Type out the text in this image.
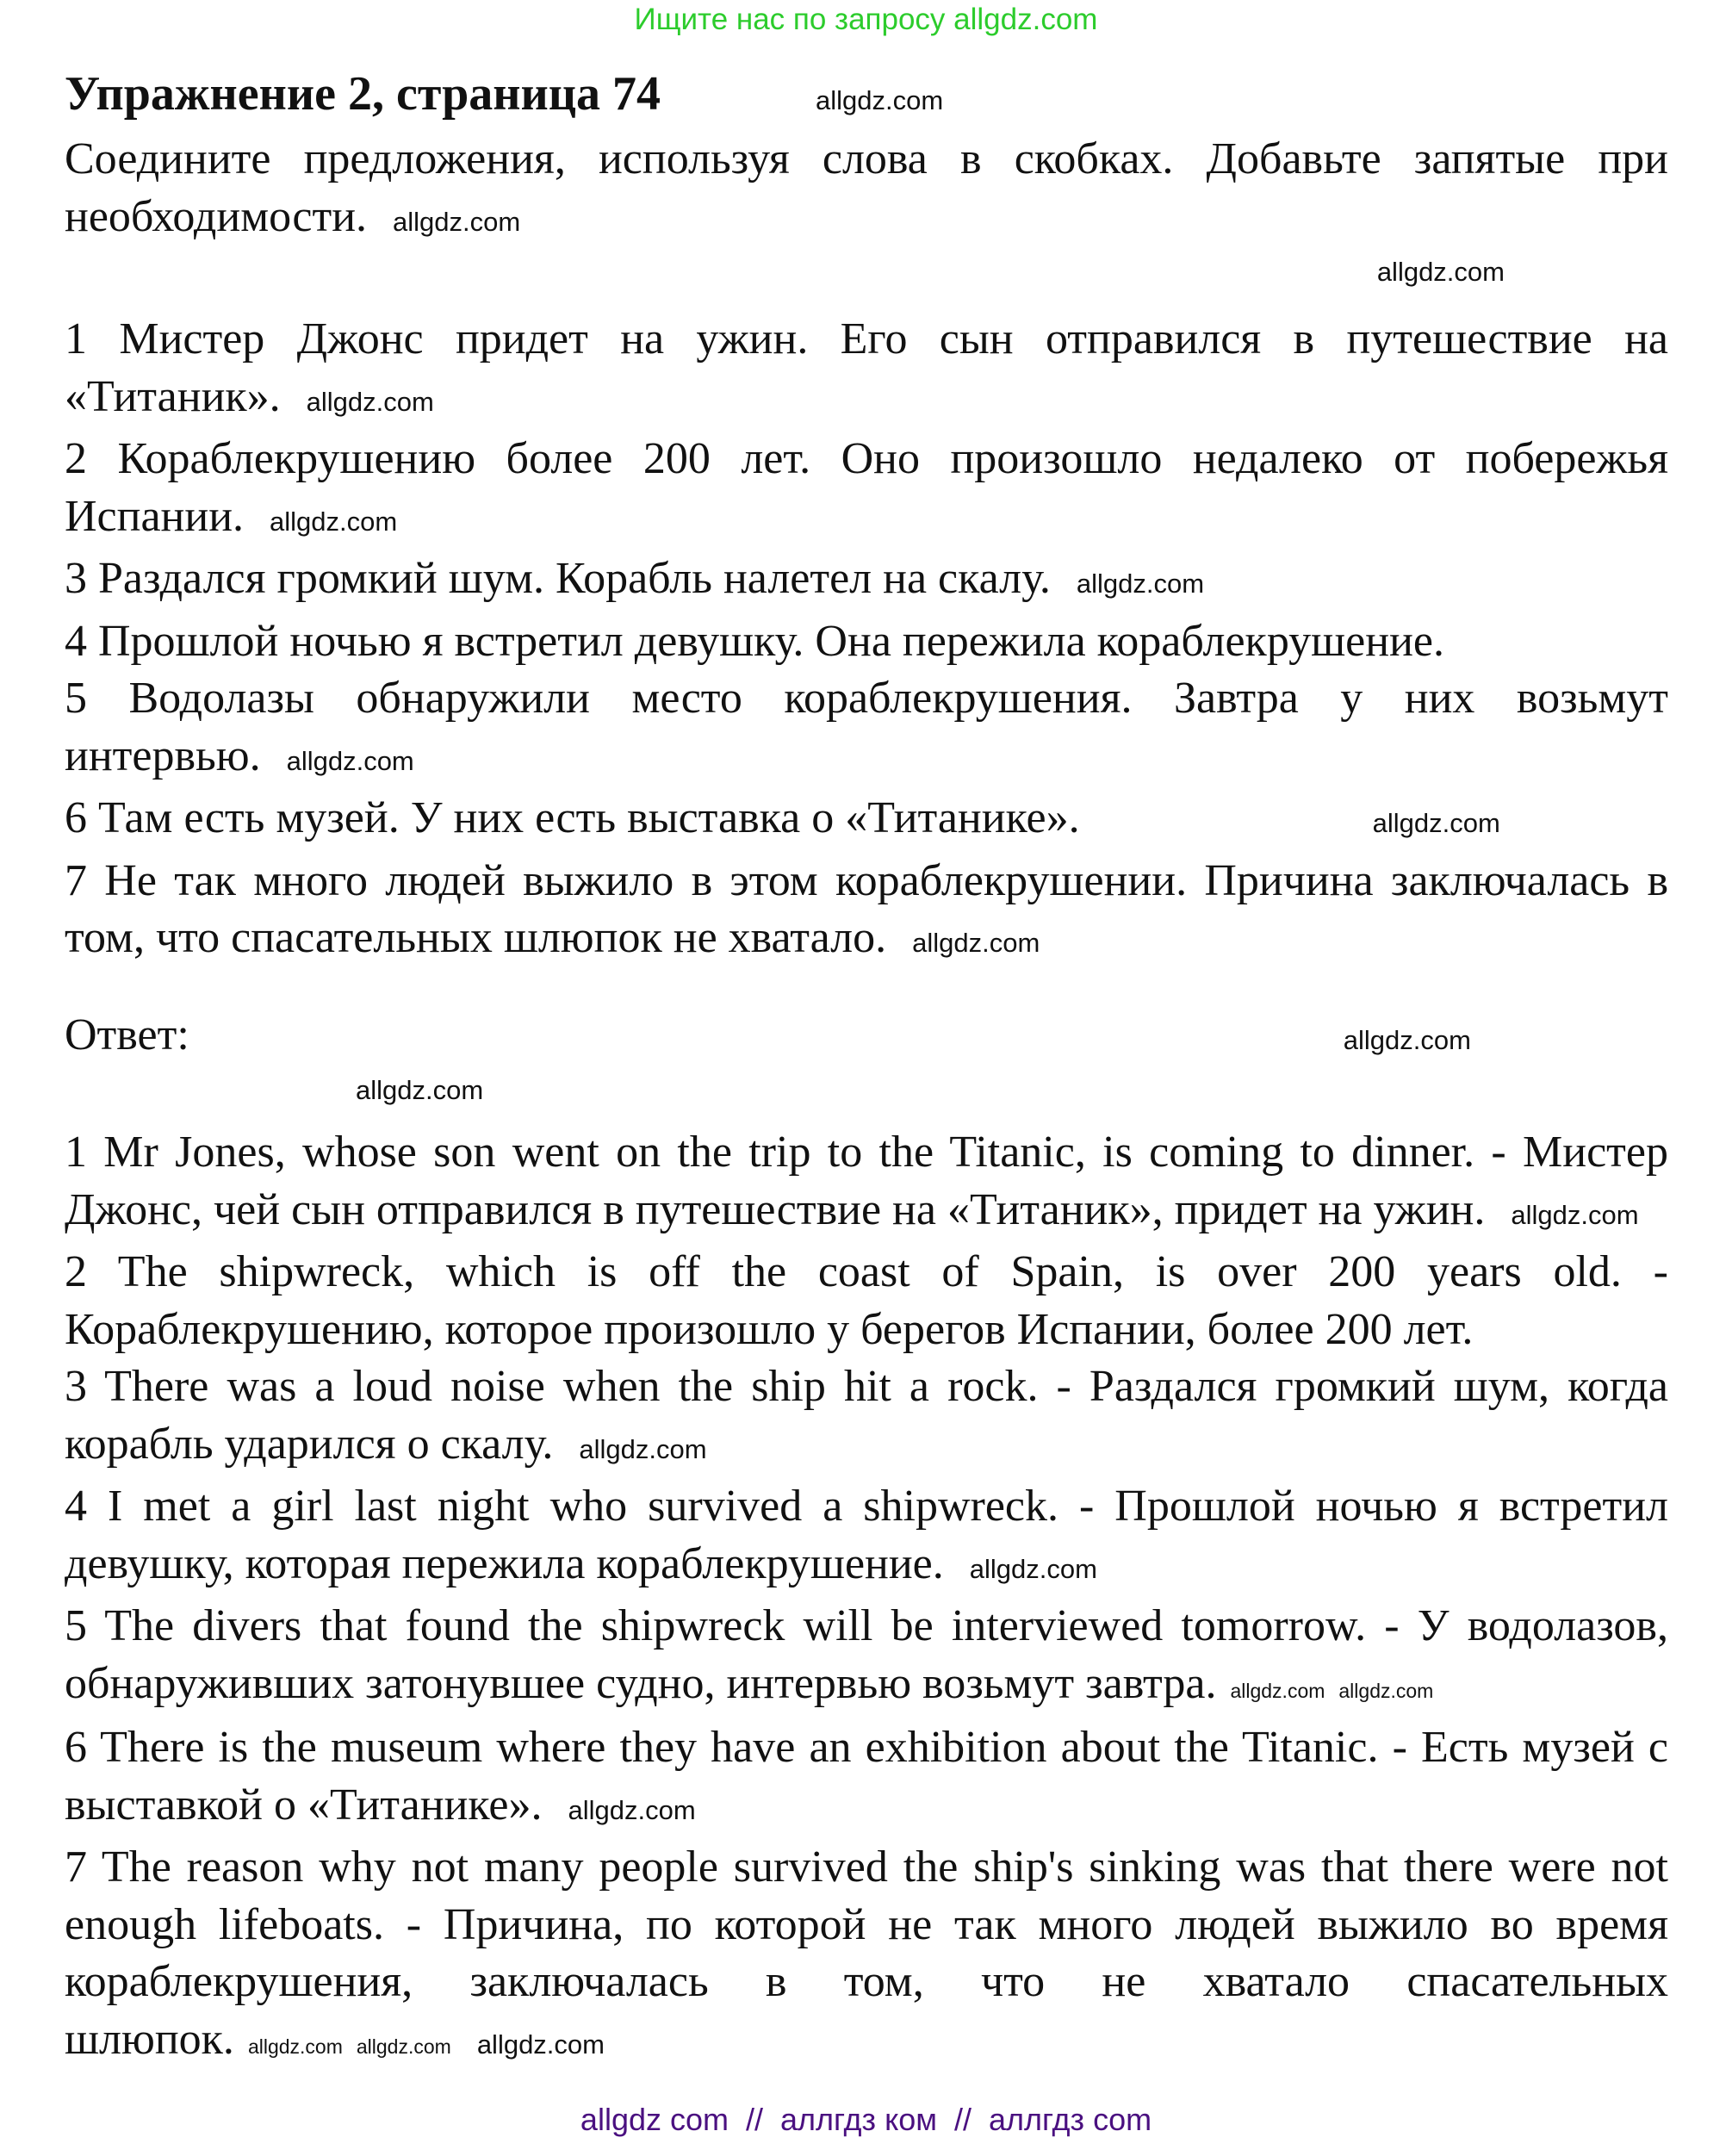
Ищите нас по запросу allgdz.com
Упражнение 2, страница 74	allgdz.com
Соедините предложения, используя слова в скобках. Добавьте запятые при необходимости. allgdz.com
allgdz.com
1 Мистер Джонс придет на ужин. Его сын отправился в путешествие на «Титаник». allgdz.com
2 Кораблекрушению более 200 лет. Оно произошло недалеко от побережья Испании. allgdz.com
3 Раздался громкий шум. Корабль налетел на скалу. allgdz.com
4 Прошлой ночью я встретил девушку. Она пережила кораблекрушение.
5 Водолазы обнаружили место кораблекрушения. Завтра у них возьмут интервью. allgdz.com
6 Там есть музей. У них есть выставка о «Титанике».	allgdz.com
7 Не так много людей выжило в этом кораблекрушении. Причина заключалась в том, что спасательных шлюпок не хватало. allgdz.com
Ответ:	allgdz.com
allgdz.com
1 Mr Jones, whose son went on the trip to the Titanic, is coming to dinner. - Мистер Джонс, чей сын отправился в путешествие на «Титаник», придет на ужин. allgdz.com
2 The shipwreck, which is off the coast of Spain, is over 200 years old. - Кораблекрушению, которое произошло у берегов Испании, более 200 лет.
3 There was a loud noise when the ship hit a rock. - Раздался громкий шум, когда корабль ударился о скалу. allgdz.com
4 I met a girl last night who survived a shipwreck. - Прошлой ночью я встретил девушку, которая пережила кораблекрушение. allgdz.com
5 The divers that found the shipwreck will be interviewed tomorrow. - У водолазов, обнаруживших затонувшее судно, интервью возьмут завтра. allgdz.com allgdz.com
6 There is the museum where they have an exhibition about the Titanic. - Есть музей с выставкой о «Титанике». allgdz.com
7 The reason why not many people survived the ship's sinking was that there were not enough lifeboats. - Причина, по которой не так много людей выжило во время кораблекрушения, заключалась в том, что не хватало спасательных шлюпок. allgdz.com allgdz.com allgdz.com
allgdz com  //  аллгдз ком  //  аллгдз com
